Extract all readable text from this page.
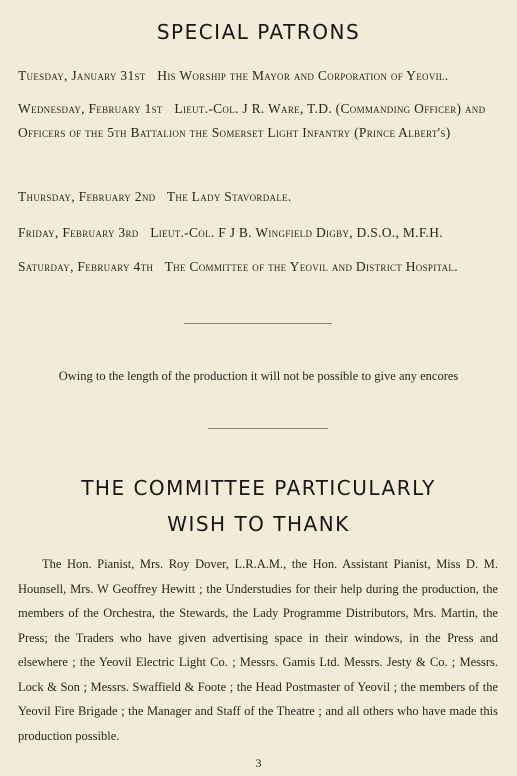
SPECIAL PATRONS
Tuesday, January 31st His Worship the Mayor and Corporation of Yeovil.
Wednesday, February 1st Lieut.-Col. J R. Ware, T.D. (Commanding Officer) and Officers of the 5th Battalion the Somerset Light Infantry (Prince Albert's)
Thursday, February 2nd The Lady Stavordale.
Friday, February 3rd Lieut.-Col. F J B. Wingfield Digby, D.S.O., M.F.H.
Saturday, February 4th The Committee of the Yeovil and District Hospital.
Owing to the length of the production it will not be possible to give any encores
THE COMMITTEE PARTICULARLY
WISH TO THANK
The Hon. Pianist, Mrs. Roy Dover, L.R.A.M., the Hon. Assistant Pianist, Miss D. M. Hounsell, Mrs. W Geoffrey Hewitt ; the Understudies for their help during the production, the members of the Orchestra, the Stewards, the Lady Programme Distributors, Mrs. Martin, the Press; the Traders who have given advertising space in their windows, in the Press and elsewhere ; the Yeovil Electric Light Co. ; Messrs. Gamis Ltd. Messrs. Jesty & Co. ; Messrs. Lock & Son ; Messrs. Swaffield & Foote ; the Head Postmaster of Yeovil ; the members of the Yeovil Fire Brigade ; the Manager and Staff of the Theatre ; and all others who have made this production possible.
3
